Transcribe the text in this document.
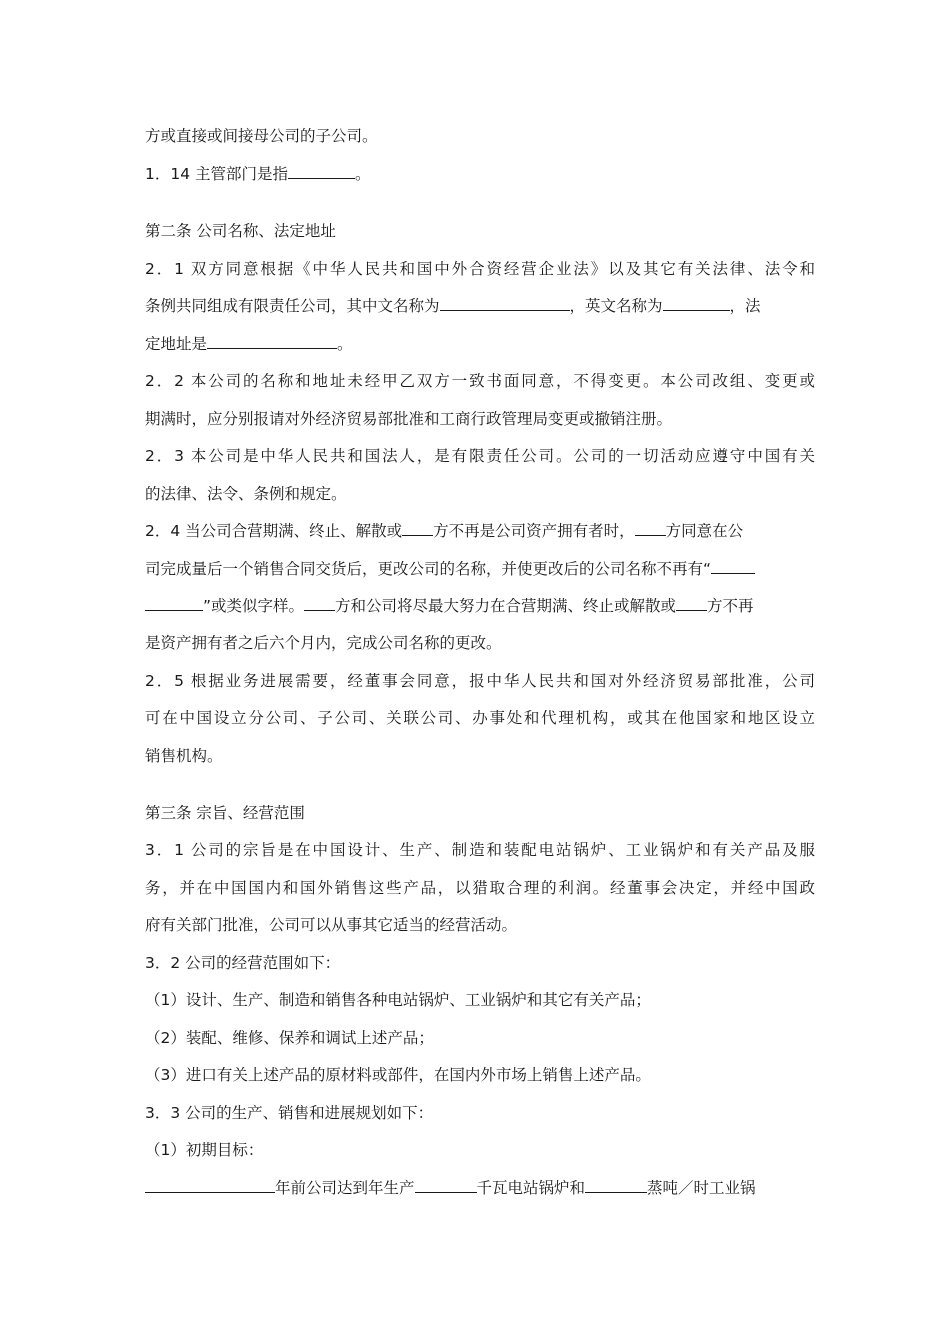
方或直接或间接母公司的子公司。
1．14 主管部门是指	。
第二条 公司名称、法定地址
2．1 双方同意根据《中华人民共和国中外合资经营企业法》以及其它有关法律、法令和
条例共同组成有限责任公司，其中文名称为	，英文名称为	，法
定地址是	。
2．2 本公司的名称和地址未经甲乙双方一致书面同意，不得变更。本公司改组、变更或
期满时，应分别报请对外经济贸易部批准和工商行政管理局变更或撤销注册。
2．3 本公司是中华人民共和国法人，是有限责任公司。公司的一切活动应遵守中国有关
的法律、法令、条例和规定。
2．4 当公司合营期满、终止、解散或 方不再是公司资产拥有者时， 方同意在公
司完成量后一个销售合同交货后，更改公司的名称，并使更改后的公司名称不再有“
”或类似字样。 方和公司将尽最大努力在合营期满、终止或解散或 方不再
是资产拥有者之后六个月内，完成公司名称的更改。
2．5 根据业务进展需要，经董事会同意，报中华人民共和国对外经济贸易部批准，公司
可在中国设立分公司、子公司、关联公司、办事处和代理机构，或其在他国家和地区设立
销售机构。
第三条 宗旨、经营范围
3．1 公司的宗旨是在中国设计、生产、制造和装配电站锅炉、工业锅炉和有关产品及服
务，并在中国国内和国外销售这些产品，以猎取合理的利润。经董事会决定，并经中国政
府有关部门批准，公司可以从事其它适当的经营活动。
3．2 公司的经营范围如下：
（1）设计、生产、制造和销售各种电站锅炉、工业锅炉和其它有关产品；
（2）装配、维修、保养和调试上述产品；
（3）进口有关上述产品的原材料或部件，在国内外市场上销售上述产品。
3．3 公司的生产、销售和进展规划如下：
（1）初期目标：
年前公司达到年生产	千瓦电站锅炉和	蒸吨／时工业锅
